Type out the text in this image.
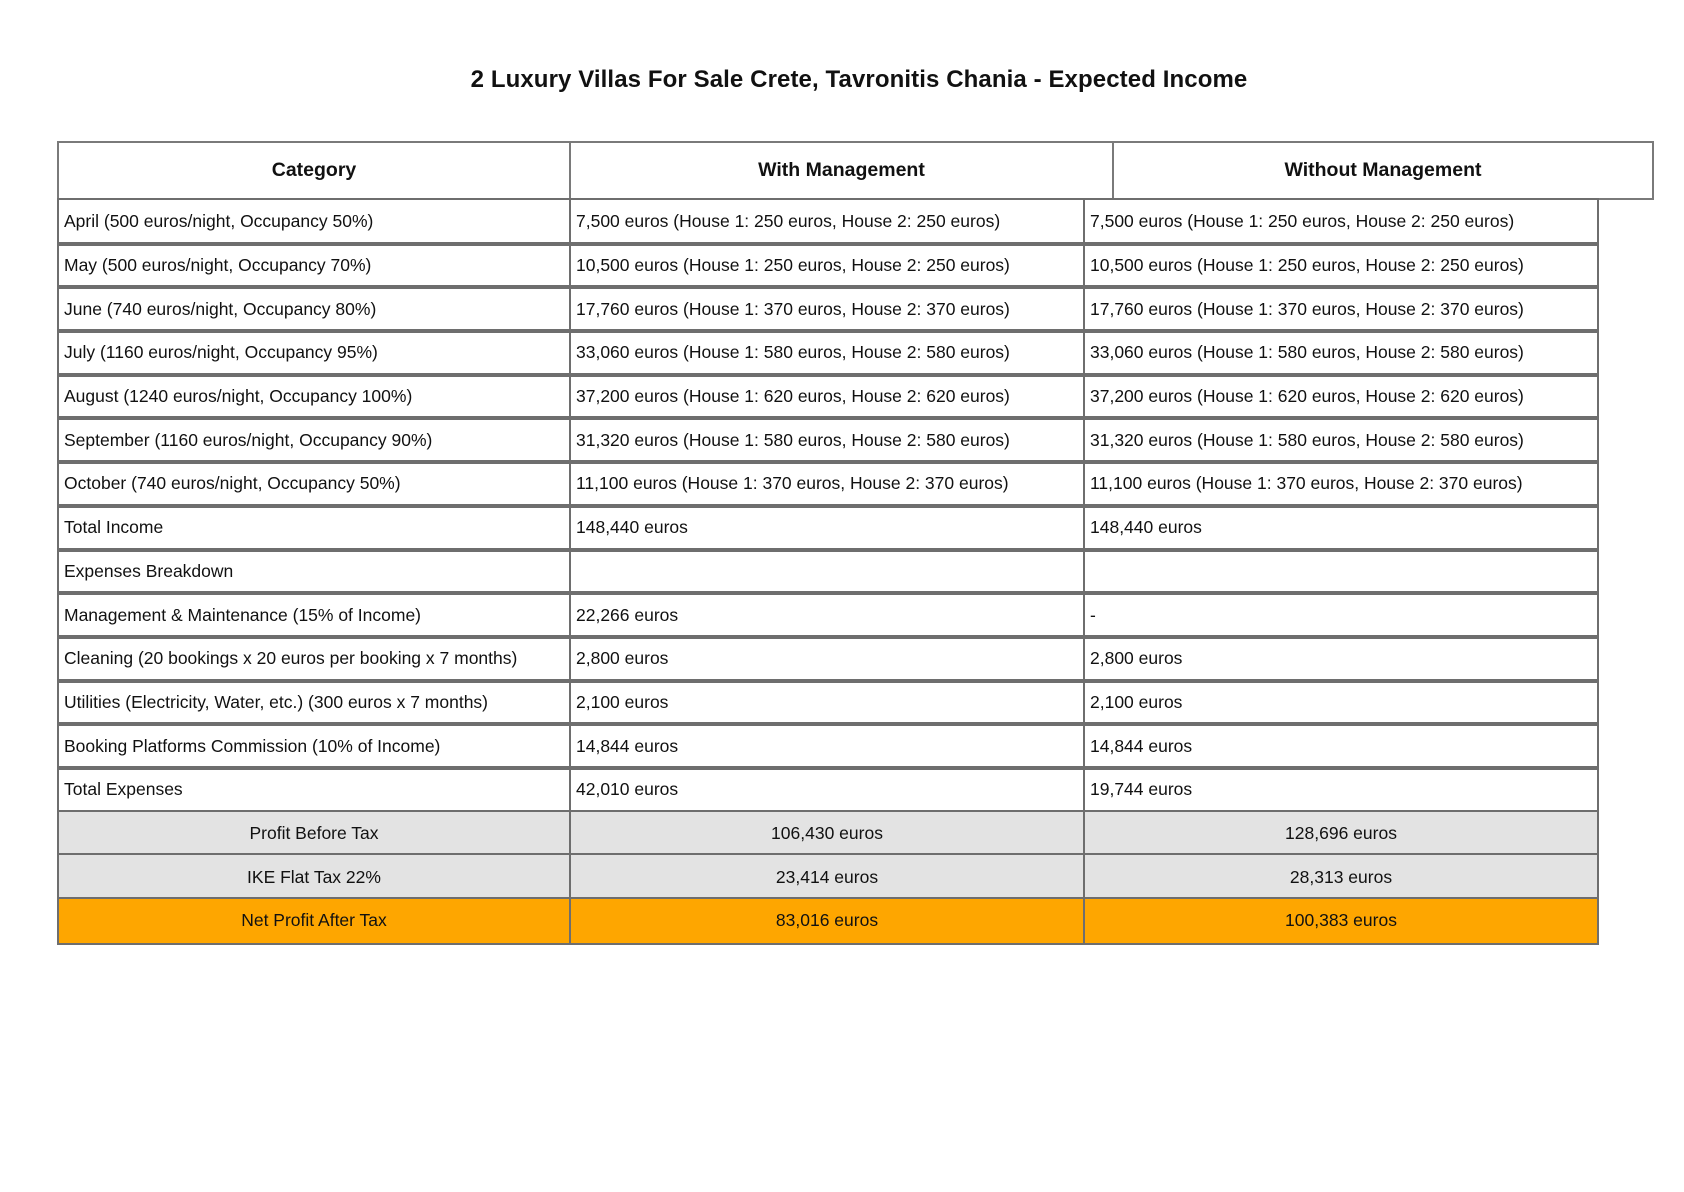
2 Luxury Villas For Sale Crete, Tavronitis Chania - Expected Income
Category	With Management	Without Management
April (500 euros/night, Occupancy 50%)	7,500 euros (House 1: 250 euros, House 2: 250 euros)	7,500 euros (House 1: 250 euros, House 2: 250 euros)
May (500 euros/night, Occupancy 70%)	10,500 euros (House 1: 250 euros, House 2: 250 euros)	10,500 euros (House 1: 250 euros, House 2: 250 euros)
June (740 euros/night, Occupancy 80%)	17,760 euros (House 1: 370 euros, House 2: 370 euros)	17,760 euros (House 1: 370 euros, House 2: 370 euros)
July (1160 euros/night, Occupancy 95%)	33,060 euros (House 1: 580 euros, House 2: 580 euros)	33,060 euros (House 1: 580 euros, House 2: 580 euros)
August (1240 euros/night, Occupancy 100%)	37,200 euros (House 1: 620 euros, House 2: 620 euros)	37,200 euros (House 1: 620 euros, House 2: 620 euros)
September (1160 euros/night, Occupancy 90%)	31,320 euros (House 1: 580 euros, House 2: 580 euros)	31,320 euros (House 1: 580 euros, House 2: 580 euros)
October (740 euros/night, Occupancy 50%)	11,100 euros (House 1: 370 euros, House 2: 370 euros)	11,100 euros (House 1: 370 euros, House 2: 370 euros)
Total Income	148,440 euros	148,440 euros
Expenses Breakdown
Management & Maintenance (15% of Income)	22,266 euros	-
Cleaning (20 bookings x 20 euros per booking x 7 months)	2,800 euros	2,800 euros
Utilities (Electricity, Water, etc.) (300 euros x 7 months)	2,100 euros	2,100 euros
Booking Platforms Commission (10% of Income)	14,844 euros	14,844 euros
Total Expenses	42,010 euros	19,744 euros
Profit Before Tax	106,430 euros	128,696 euros
IKE Flat Tax 22%	23,414 euros	28,313 euros
Net Profit After Tax	83,016 euros	100,383 euros
